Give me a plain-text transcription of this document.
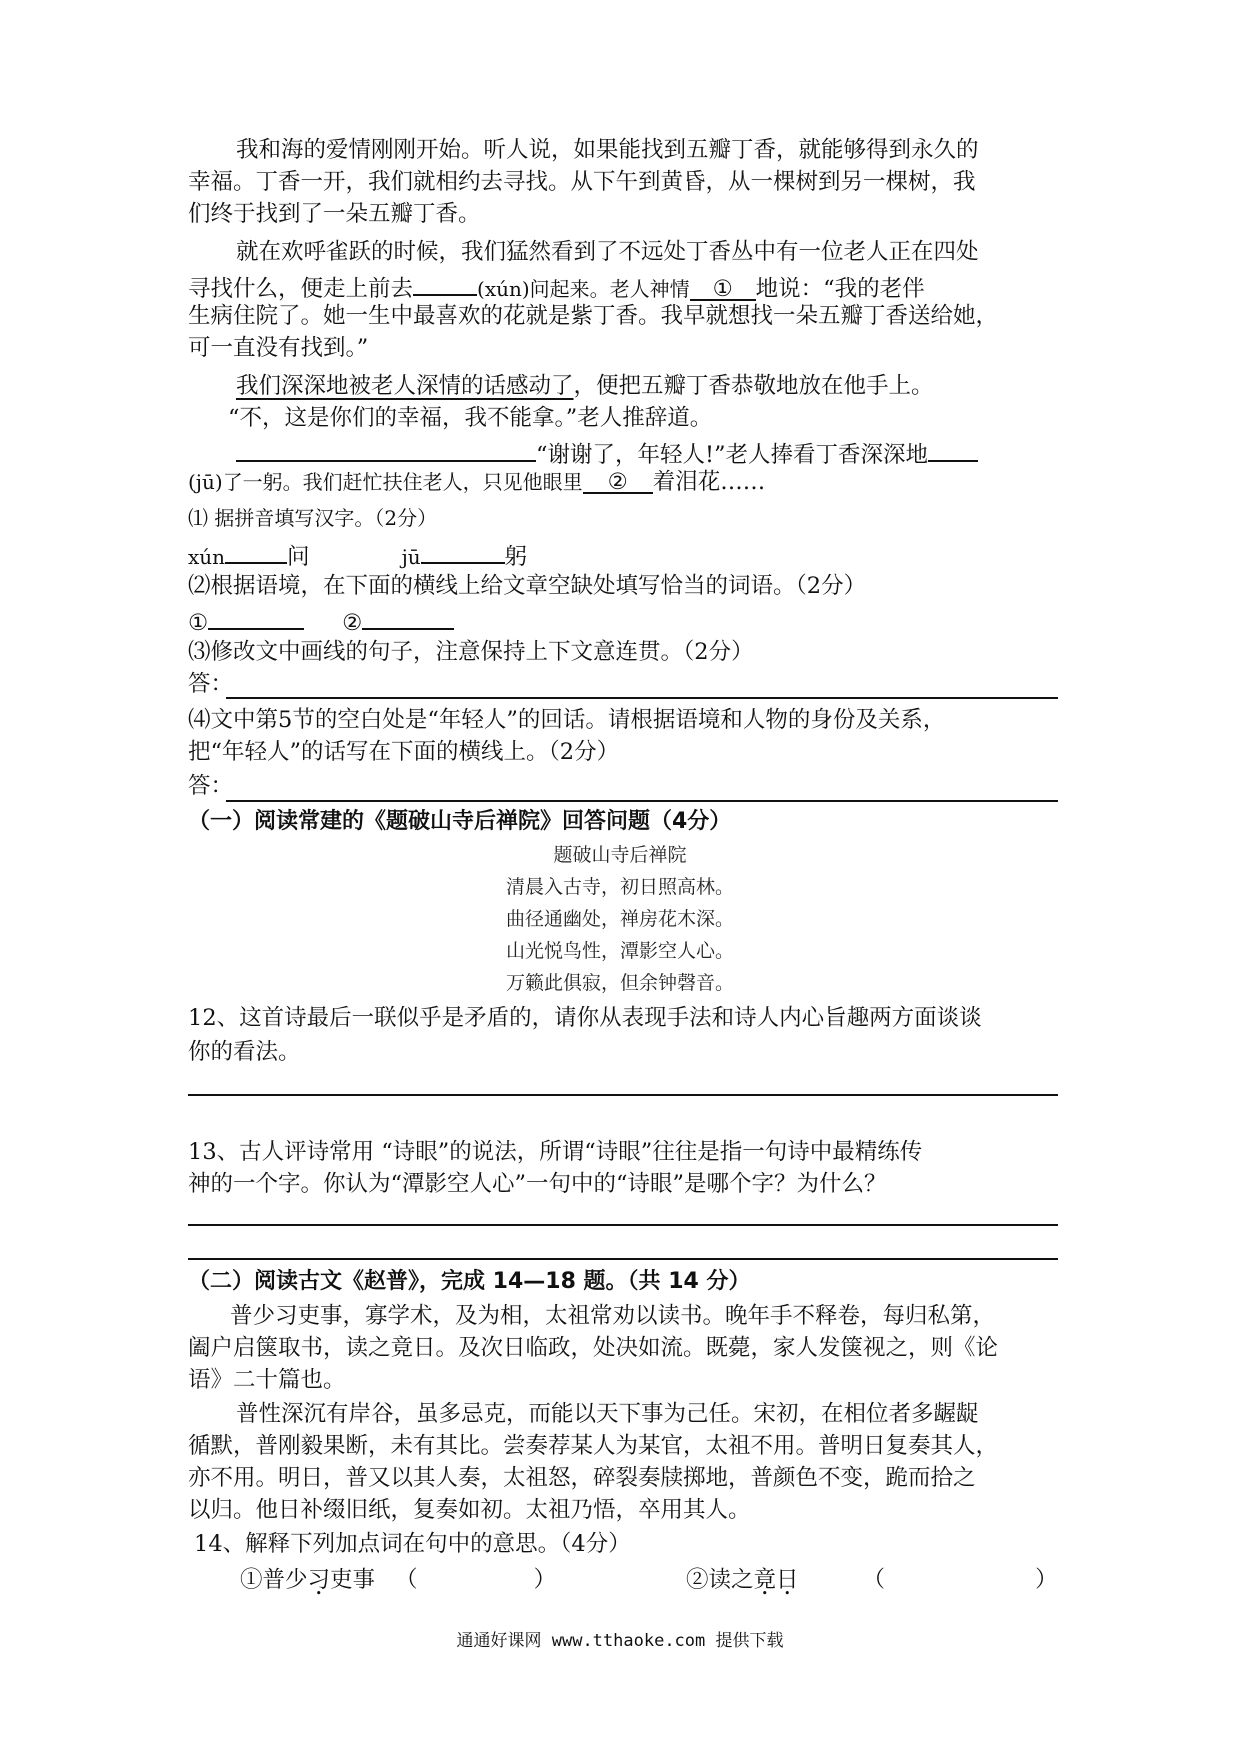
我和海的爱情刚刚开始。听人说，如果能找到五瓣丁香，就能够得到永久的
幸福。丁香一开，我们就相约去寻找。从下午到黄昏，从一棵树到另一棵树，我
们终于找到了一朵五瓣丁香。
就在欢呼雀跃的时候，我们猛然看到了不远处丁香丛中有一位老人正在四处
寻找什么，便走上前去	(xún)问起来。老人神情 ① 地说：“我的老伴
生病住院了。她一生中最喜欢的花就是紫丁香。我早就想找一朵五瓣丁香送给她，
可一直没有找到。”
我们深深地被老人深情的话感动了，便把五瓣丁香恭敬地放在他手上。
“不，这是你们的幸福，我不能拿。”老人推辞道。
“谢谢了，年轻人!”老人捧看丁香深深地
(jū)了一躬。我们赶忙扶住老人，只见他眼里 ② 着泪花……
⑴ 据拼音填写汉字。（2分）
xún	问	jū	躬
⑵根据语境，在下面的横线上给文章空缺处填写恰当的词语。（2分）
①	②
⑶修改文中画线的句子，注意保持上下文意连贯。（2分）
答：
⑷文中第5节的空白处是“年轻人”的回话。请根据语境和人物的身份及关系，
把“年轻人”的话写在下面的横线上。（2分）
答：
（一）阅读常建的《题破山寺后禅院》回答问题（4分）
题破山寺后禅院
清晨入古寺，初日照高林。
曲径通幽处，禅房花木深。
山光悦鸟性，潭影空人心。
万籁此俱寂，但余钟磬音。
12、这首诗最后一联似乎是矛盾的，请你从表现手法和诗人内心旨趣两方面谈谈
你的看法。
13、古人评诗常用 “诗眼”的说法，所谓“诗眼”往往是指一句诗中最精练传
神的一个字。你认为“潭影空人心”一句中的“诗眼”是哪个字？为什么？
（二）阅读古文《赵普》，完成 14—18 题。（共 14 分）
普少习吏事，寡学术，及为相，太祖常劝以读书。晚年手不释卷，每归私第，
阖户启箧取书，读之竟日。及次日临政，处决如流。既薨，家人发箧视之，则《论
语》二十篇也。
普性深沉有岸谷，虽多忌克，而能以天下事为己任。宋初，在相位者多龌龊
循默，普刚毅果断，未有其比。尝奏荐某人为某官，太祖不用。普明日复奏其人，
亦不用。明日，普又以其人奏，太祖怒，碎裂奏牍掷地，普颜色不变，跪而拾之
以归。他日补缀旧纸，复奏如初。太祖乃悟，卒用其人。
14、解释下列加点词在句中的意思。（4分）
①普少习吏事 （	）	②读之竟日	（	）
通通好课网 www.tthaoke.com 提供下载
